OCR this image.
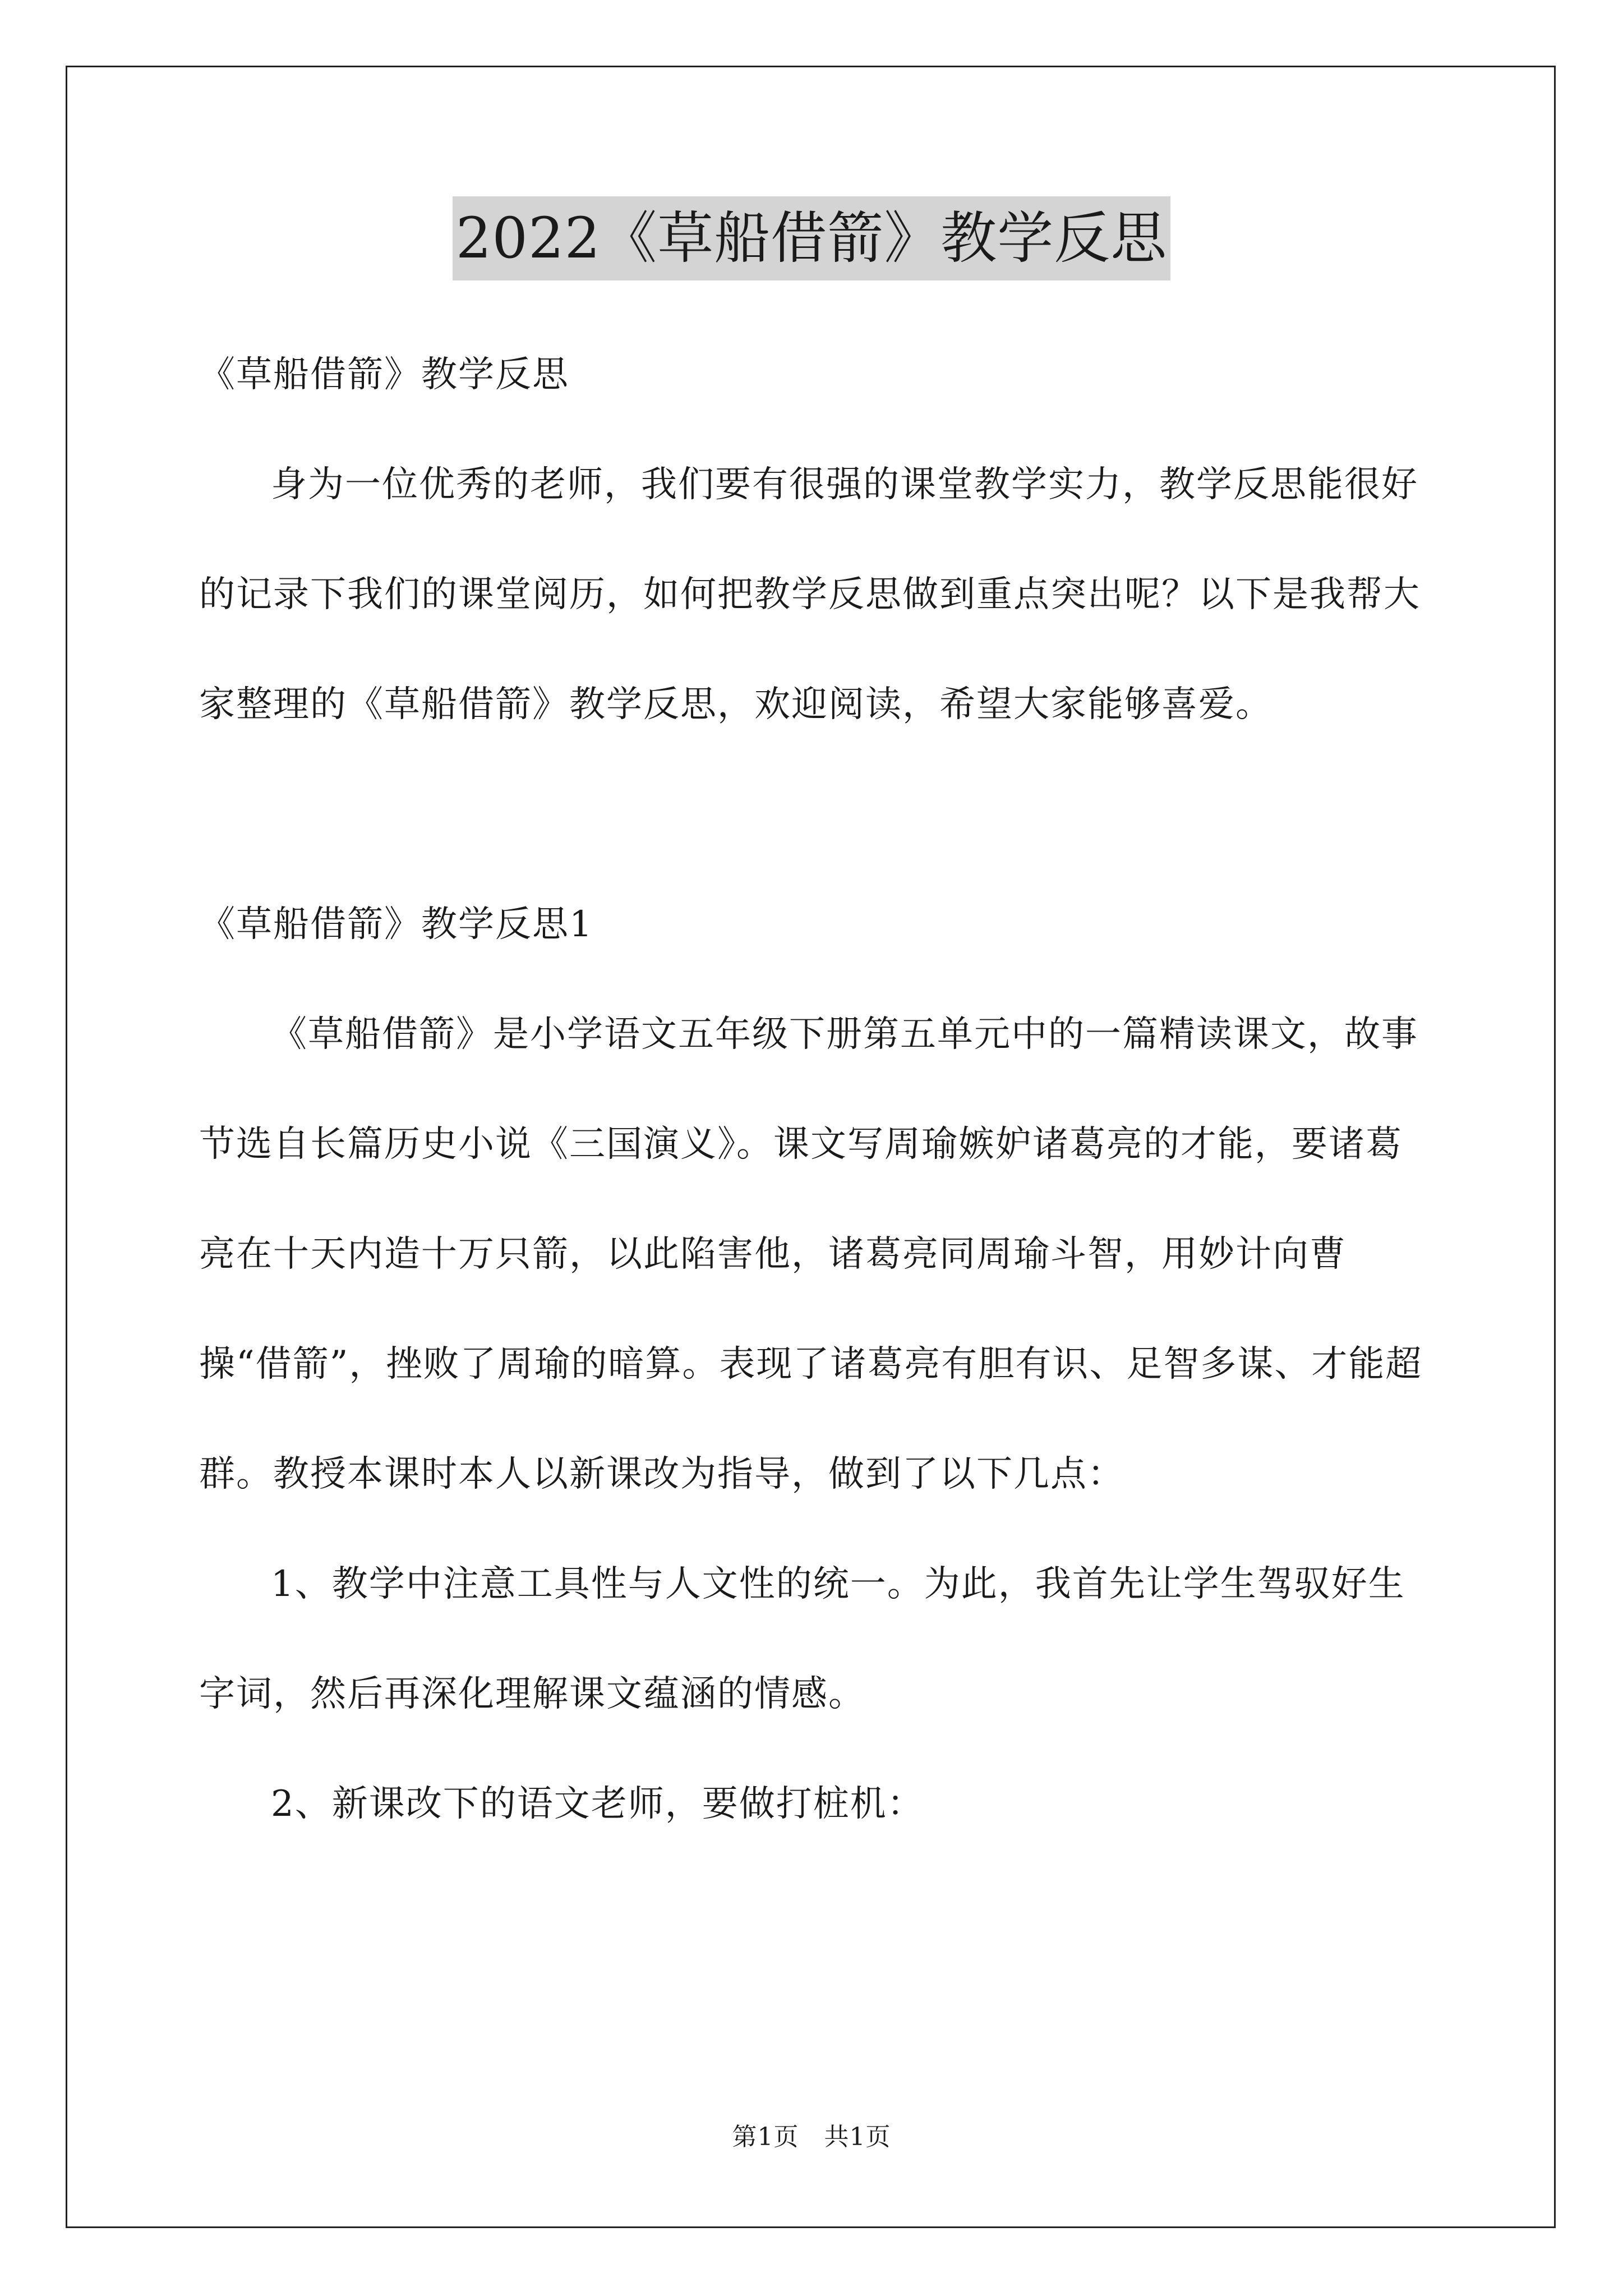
2022《草船借箭》教学反思

《草船借箭》教学反思

身为一位优秀的老师，我们要有很强的课堂教学实力，教学反思能很好的记录下我们的课堂阅历，如何把教学反思做到重点突出呢？以下是我帮大家整理的《草船借箭》教学反思，欢迎阅读，希望大家能够喜爱。

《草船借箭》教学反思1

《草船借箭》是小学语文五年级下册第五单元中的一篇精读课文，故事节选自长篇历史小说《三国演义》。课文写周瑜嫉妒诸葛亮的才能，要诸葛亮在十天内造十万只箭，以此陷害他，诸葛亮同周瑜斗智，用妙计向曹操“借箭”，挫败了周瑜的暗算。表现了诸葛亮有胆有识、足智多谋、才能超群。教授本课时本人以新课改为指导，做到了以下几点：

1、教学中注意工具性与人文性的统一。为此，我首先让学生驾驭好生字词，然后再深化理解课文蕴涵的情感。

2、新课改下的语文老师，要做打桩机：

第1页　共1页
